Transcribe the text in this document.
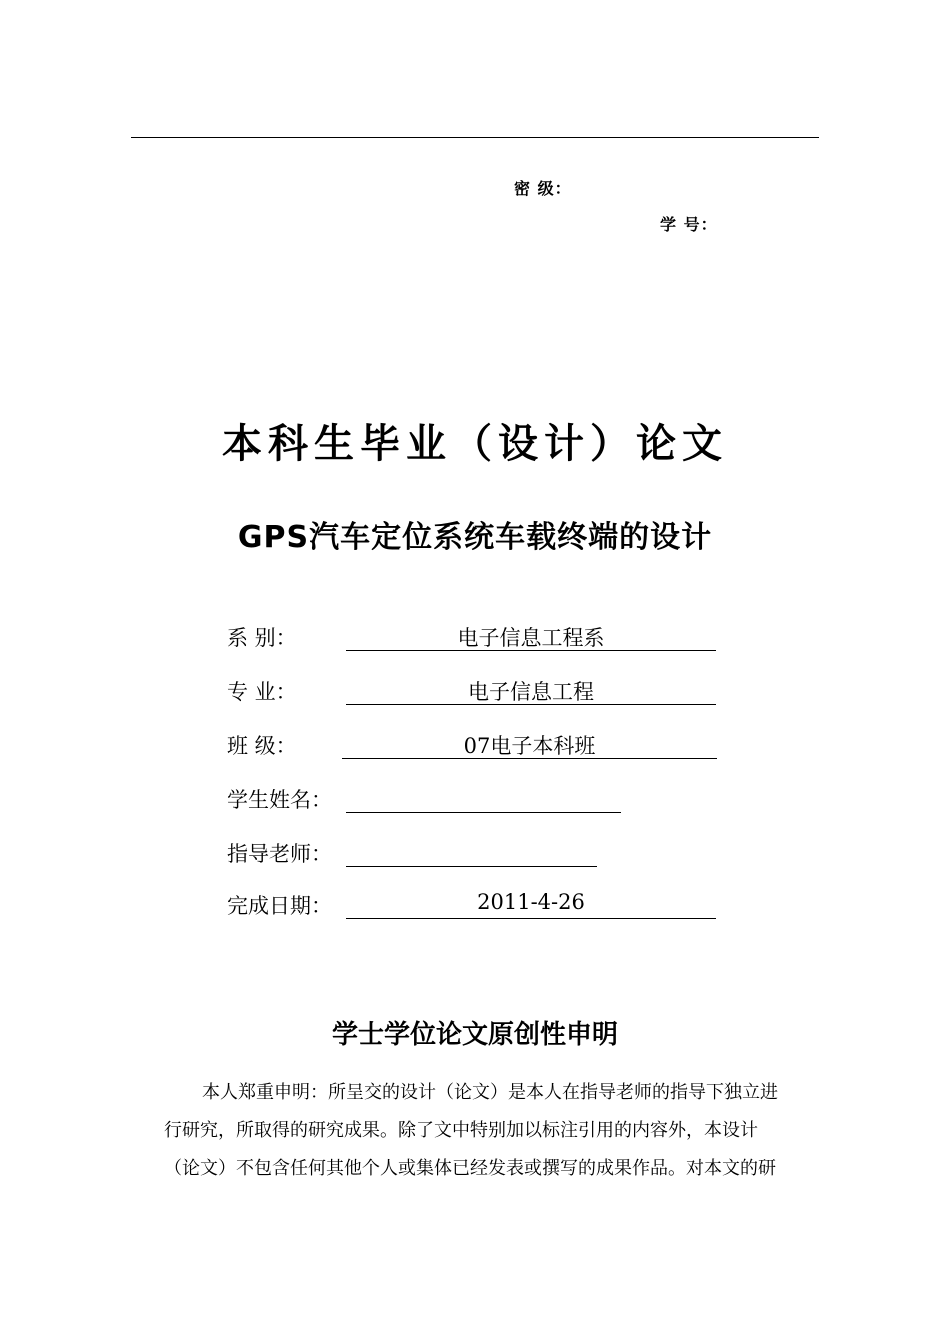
密 级：
学 号：
本科生毕业（设计）论文
GPS汽车定位系统车载终端的设计
系 别：	电子信息工程系
专 业：	电子信息工程
班 级：	07电子本科班
学生姓名：
指导老师：
完成日期：	2011-4-26
学士学位论文原创性申明
本人郑重申明：所呈交的设计（论文）是本人在指导老师的指导下独立进
行研究，所取得的研究成果。除了文中特别加以标注引用的内容外，本设计
（论文）不包含任何其他个人或集体已经发表或撰写的成果作品。对本文的研
